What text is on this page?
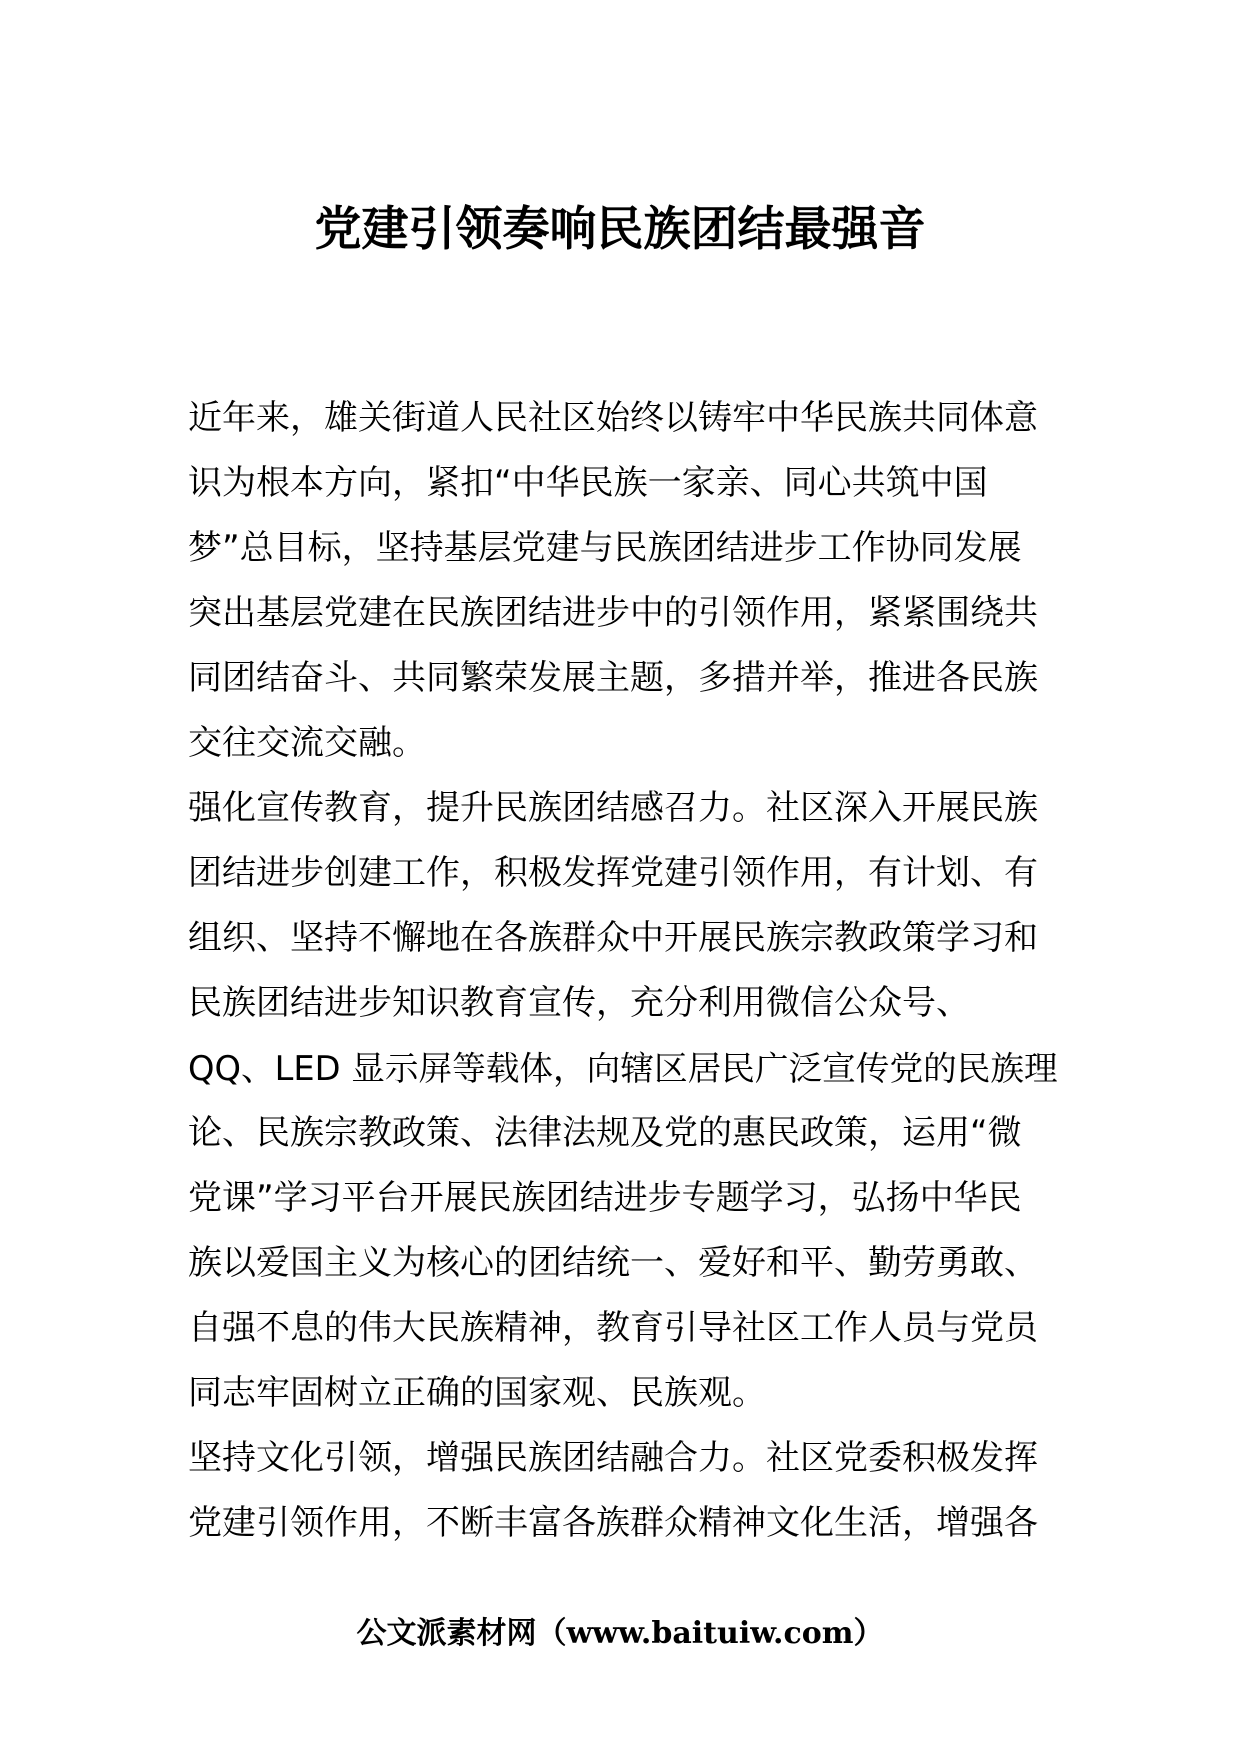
党建引领奏响民族团结最强音
近年来，雄关街道人民社区始终以铸牢中华民族共同体意
识为根本方向，紧扣“中华民族一家亲、同心共筑中国
梦”总目标，坚持基层党建与民族团结进步工作协同发展
突出基层党建在民族团结进步中的引领作用，紧紧围绕共
同团结奋斗、共同繁荣发展主题，多措并举，推进各民族
交往交流交融。
强化宣传教育，提升民族团结感召力。社区深入开展民族
团结进步创建工作，积极发挥党建引领作用，有计划、有
组织、坚持不懈地在各族群众中开展民族宗教政策学习和
民族团结进步知识教育宣传，充分利用微信公众号、
QQ、LED 显示屏等载体，向辖区居民广泛宣传党的民族理
论、民族宗教政策、法律法规及党的惠民政策，运用“微
党课”学习平台开展民族团结进步专题学习，弘扬中华民
族以爱国主义为核心的团结统一、爱好和平、勤劳勇敢、
自强不息的伟大民族精神，教育引导社区工作人员与党员
同志牢固树立正确的国家观、民族观。
坚持文化引领，增强民族团结融合力。社区党委积极发挥
党建引领作用，不断丰富各族群众精神文化生活，增强各
公文派素材网（www.baituiw.com）
